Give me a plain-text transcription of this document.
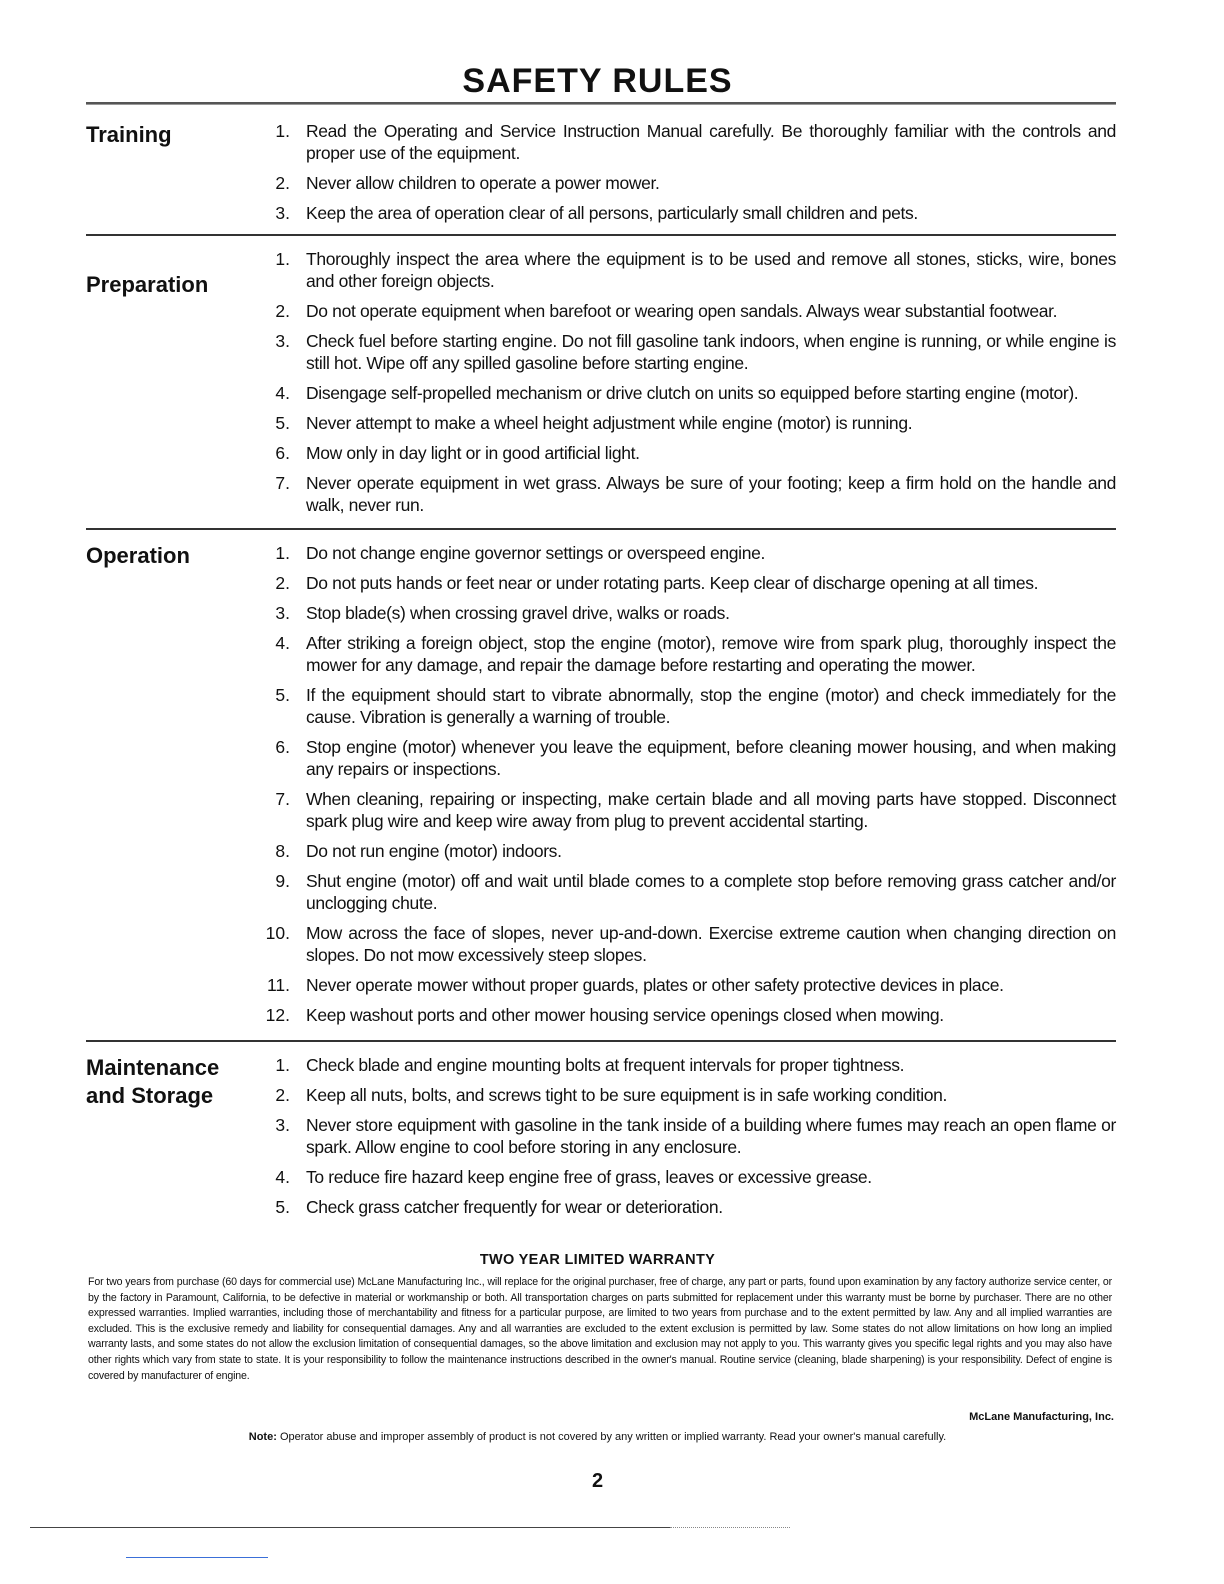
SAFETY RULES
Training	1. Read the Operating and Service Instruction Manual carefully. Be thoroughly familiar with the controls and proper use of the equipment.
2. Never allow children to operate a power mower.
3. Keep the area of operation clear of all persons, particularly small children and pets.
Preparation
1. Thoroughly inspect the area where the equipment is to be used and remove all stones, sticks, wire, bones and other foreign objects.
2. Do not operate equipment when barefoot or wearing open sandals. Always wear substantial footwear.
3. Check fuel before starting engine. Do not fill gasoline tank indoors, when engine is running, or while engine is still hot. Wipe off any spilled gasoline before starting engine.
4. Disengage self-propelled mechanism or drive clutch on units so equipped before starting engine (motor).
5. Never attempt to make a wheel height adjustment while engine (motor) is running.
6. Mow only in day light or in good artificial light.
7. Never operate equipment in wet grass. Always be sure of your footing; keep a firm hold on the handle and walk, never run.
Operation	1. Do not change engine governor settings or overspeed engine.
2. Do not puts hands or feet near or under rotating parts. Keep clear of discharge opening at all times.
3. Stop blade(s) when crossing gravel drive, walks or roads.
4. After striking a foreign object, stop the engine (motor), remove wire from spark plug, thoroughly inspect the mower for any damage, and repair the damage before restarting and operating the mower.
5. If the equipment should start to vibrate abnormally, stop the engine (motor) and check immediately for the cause. Vibration is generally a warning of trouble.
6. Stop engine (motor) whenever you leave the equipment, before cleaning mower housing, and when making any repairs or inspections.
7. When cleaning, repairing or inspecting, make certain blade and all moving parts have stopped. Disconnect spark plug wire and keep wire away from plug to prevent accidental starting.
8. Do not run engine (motor) indoors.
9. Shut engine (motor) off and wait until blade comes to a complete stop before removing grass catcher and/or unclogging chute.
10. Mow across the face of slopes, never up-and-down. Exercise extreme caution when changing direction on slopes. Do not mow excessively steep slopes.
11. Never operate mower without proper guards, plates or other safety protective devices in place.
12. Keep washout ports and other mower housing service openings closed when mowing.
Maintenance
and Storage
1. Check blade and engine mounting bolts at frequent intervals for proper tightness.
2. Keep all nuts, bolts, and screws tight to be sure equipment is in safe working condition.
3. Never store equipment with gasoline in the tank inside of a building where fumes may reach an open flame or spark. Allow engine to cool before storing in any enclosure.
4. To reduce fire hazard keep engine free of grass, leaves or excessive grease.
5. Check grass catcher frequently for wear or deterioration.
TWO YEAR LIMITED WARRANTY
For two years from purchase (60 days for commercial use) McLane Manufacturing Inc., will replace for the original purchaser, free of charge, any part or parts, found upon examination by any factory authorize service center, or by the factory in Paramount, California, to be defective in material or workmanship or both. All transportation charges on parts submitted for replacement under this warranty must be borne by purchaser. There are no other expressed warranties. Implied warranties, including those of merchantability and fitness for a particular purpose, are limited to two years from purchase and to the extent permitted by law. Any and all implied warranties are excluded. This is the exclusive remedy and liability for consequential damages. Any and all warranties are excluded to the extent exclusion is permitted by law. Some states do not allow limitations on how long an implied warranty lasts, and some states do not allow the exclusion limitation of consequential damages, so the above limitation and exclusion may not apply to you. This warranty gives you specific legal rights and you may also have other rights which vary from state to state. It is your responsibility to follow the maintenance instructions described in the owner's manual. Routine service (cleaning, blade sharpening) is your responsibility. Defect of engine is covered by manufacturer of engine.
McLane Manufacturing, Inc.
Note: Operator abuse and improper assembly of product is not covered by any written or implied warranty. Read your owner's manual carefully.
2
